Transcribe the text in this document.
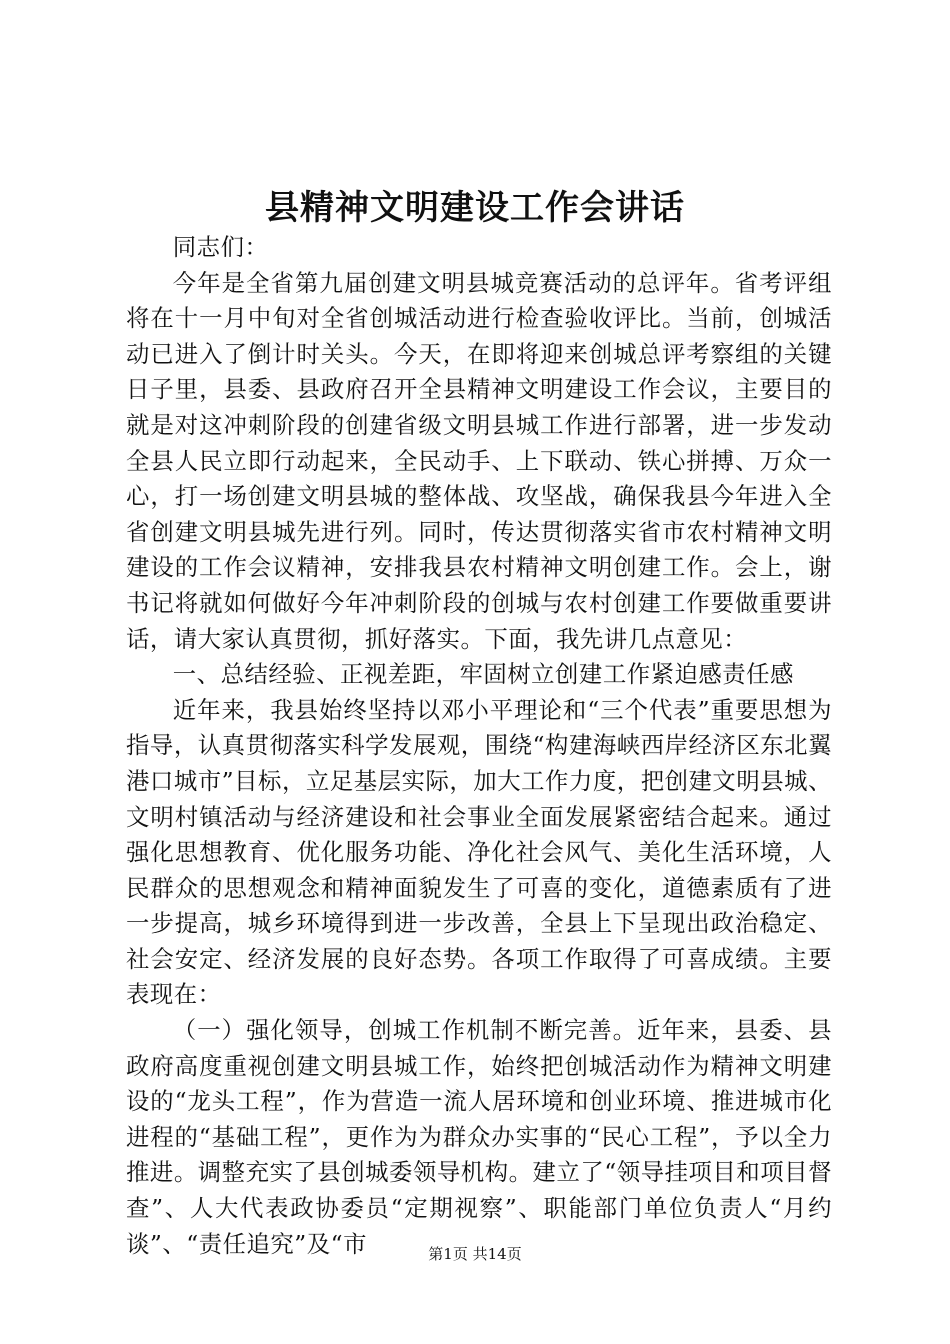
县精神文明建设工作会讲话

同志们：

今年是全省第九届创建文明县城竞赛活动的总评年。省考评组将在十一月中旬对全省创城活动进行检查验收评比。当前，创城活动已进入了倒计时关头。今天，在即将迎来创城总评考察组的关键日子里，县委、县政府召开全县精神文明建设工作会议，主要目的就是对这冲刺阶段的创建省级文明县城工作进行部署，进一步发动全县人民立即行动起来，全民动手、上下联动、铁心拼搏、万众一心，打一场创建文明县城的整体战、攻坚战，确保我县今年进入全省创建文明县城先进行列。同时，传达贯彻落实省市农村精神文明建设的工作会议精神，安排我县农村精神文明创建工作。会上，谢书记将就如何做好今年冲刺阶段的创城与农村创建工作要做重要讲话，请大家认真贯彻，抓好落实。下面，我先讲几点意见：

一、总结经验、正视差距，牢固树立创建工作紧迫感责任感

近年来，我县始终坚持以邓小平理论和“三个代表”重要思想为指导，认真贯彻落实科学发展观，围绕“构建海峡西岸经济区东北翼港口城市”目标，立足基层实际，加大工作力度，把创建文明县城、文明村镇活动与经济建设和社会事业全面发展紧密结合起来。通过强化思想教育、优化服务功能、净化社会风气、美化生活环境，人民群众的思想观念和精神面貌发生了可喜的变化，道德素质有了进一步提高，城乡环境得到进一步改善，全县上下呈现出政治稳定、社会安定、经济发展的良好态势。各项工作取得了可喜成绩。主要表现在：

（一）强化领导，创城工作机制不断完善。近年来，县委、县政府高度重视创建文明县城工作，始终把创城活动作为精神文明建设的“龙头工程”，作为营造一流人居环境和创业环境、推进城市化进程的“基础工程”，更作为为群众办实事的“民心工程”，予以全力推进。调整充实了县创城委领导机构。建立了“领导挂项目和项目督查”、人大代表政协委员“定期视察”、职能部门单位负责人“月约谈”、“责任追究”及“市	第1页 共14页
